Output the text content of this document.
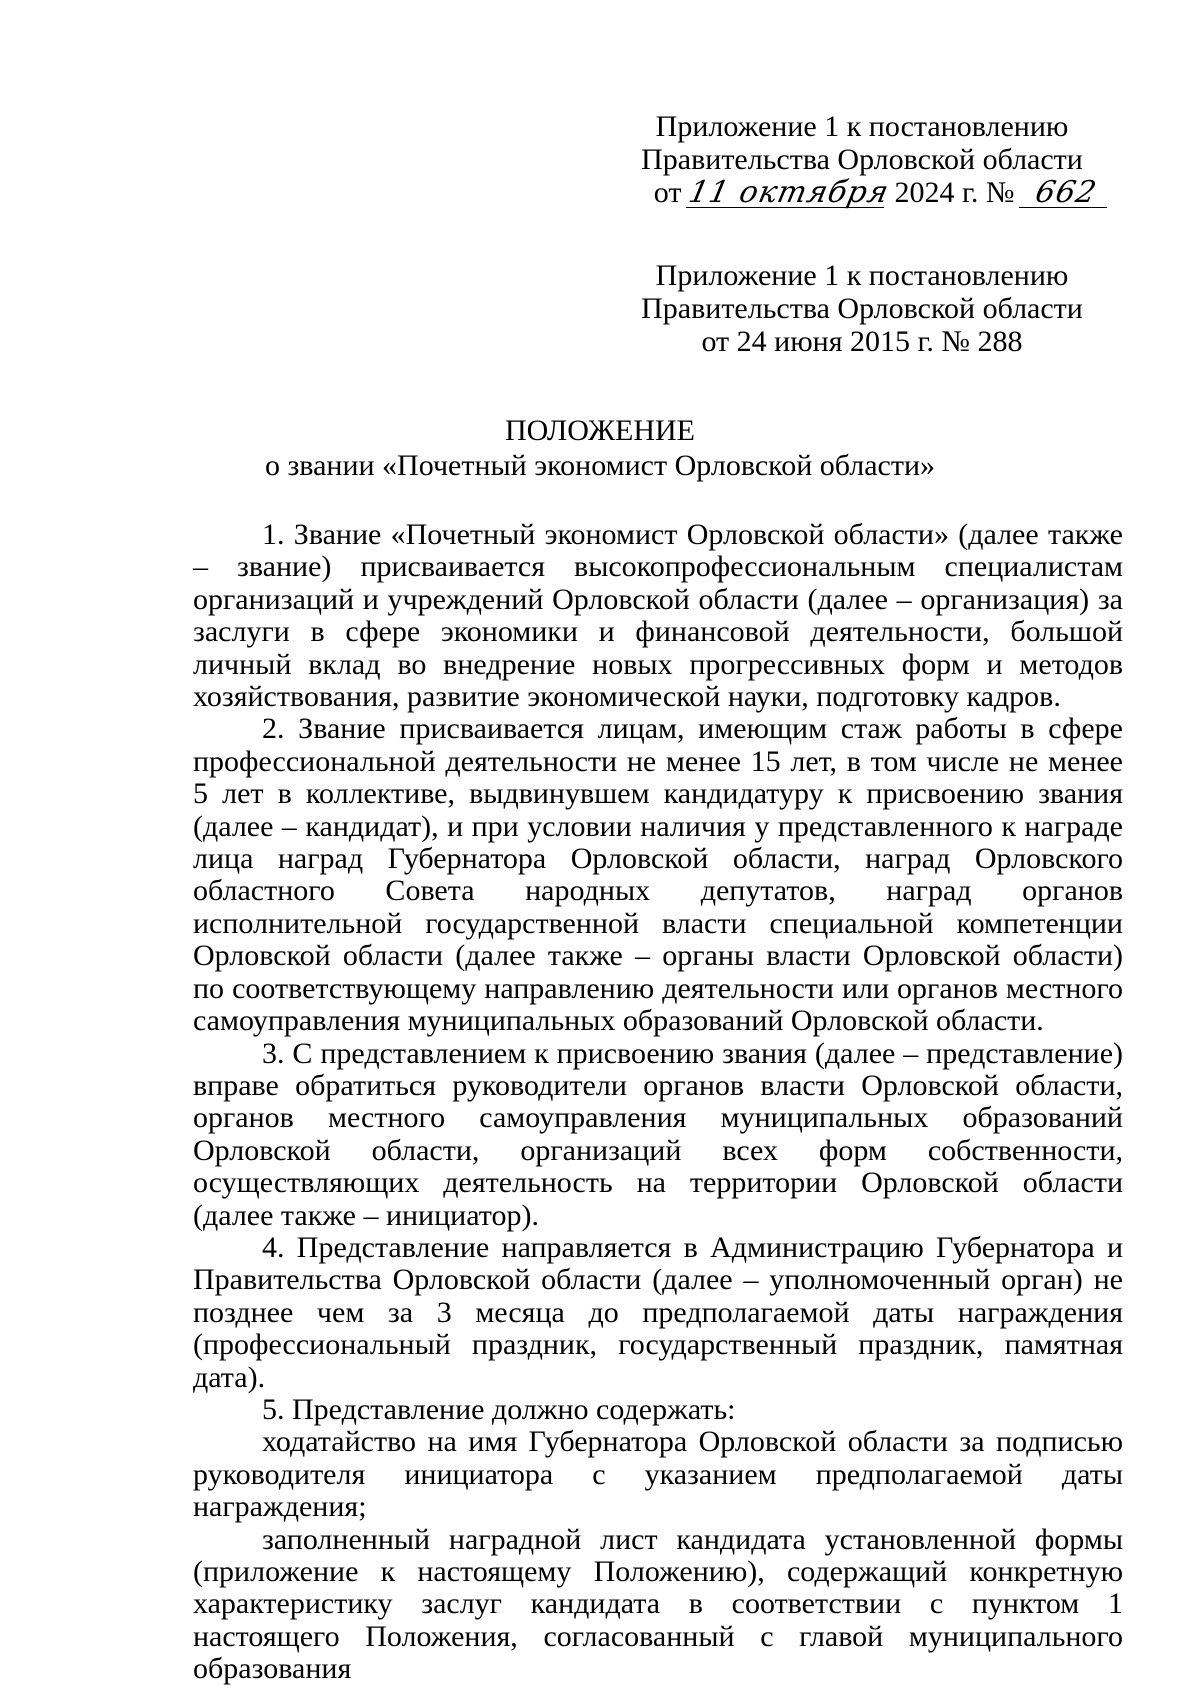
Приложение 1 к постановлению
Правительства Орловской области
от 11 октября 2024 г. № 662
Приложение 1 к постановлению
Правительства Орловской области
от 24 июня 2015 г. № 288
ПОЛОЖЕНИЕ
о звании «Почетный экономист Орловской области»

1. Звание «Почетный экономист Орловской области» (далее также – звание) присваивается высокопрофессиональным специалистам организаций и учреждений Орловской области (далее – организация) за заслуги в сфере экономики и финансовой деятельности, большой личный вклад во внедрение новых прогрессивных форм и методов хозяйствования, развитие экономической науки, подготовку кадров.

2. Звание присваивается лицам, имеющим стаж работы в сфере профессиональной деятельности не менее 15 лет, в том числе не менее 5 лет в коллективе, выдвинувшем кандидатуру к присвоению звания (далее – кандидат), и при условии наличия у представленного к награде лица наград Губернатора Орловской области, наград Орловского областного Совета народных депутатов, наград органов исполнительной государственной власти специальной компетенции Орловской области (далее также – органы власти Орловской области) по соответствующему направлению деятельности или органов местного самоуправления муниципальных образований Орловской области.

3. С представлением к присвоению звания (далее – представление) вправе обратиться руководители органов власти Орловской области, органов местного самоуправления муниципальных образований Орловской области, организаций всех форм собственности, осуществляющих деятельность на территории Орловской области (далее также – инициатор).

4. Представление направляется в Администрацию Губернатора и Правительства Орловской области (далее – уполномоченный орган) не позднее чем за 3 месяца до предполагаемой даты награждения (профессиональный праздник, государственный праздник, памятная дата).

5. Представление должно содержать:

ходатайство на имя Губернатора Орловской области за подписью руководителя инициатора с указанием предполагаемой даты награждения;

заполненный наградной лист кандидата установленной формы (приложение к настоящему Положению), содержащий конкретную характеристику заслуг кандидата в соответствии с пунктом 1 настоящего Положения, согласованный с главой муниципального образования
